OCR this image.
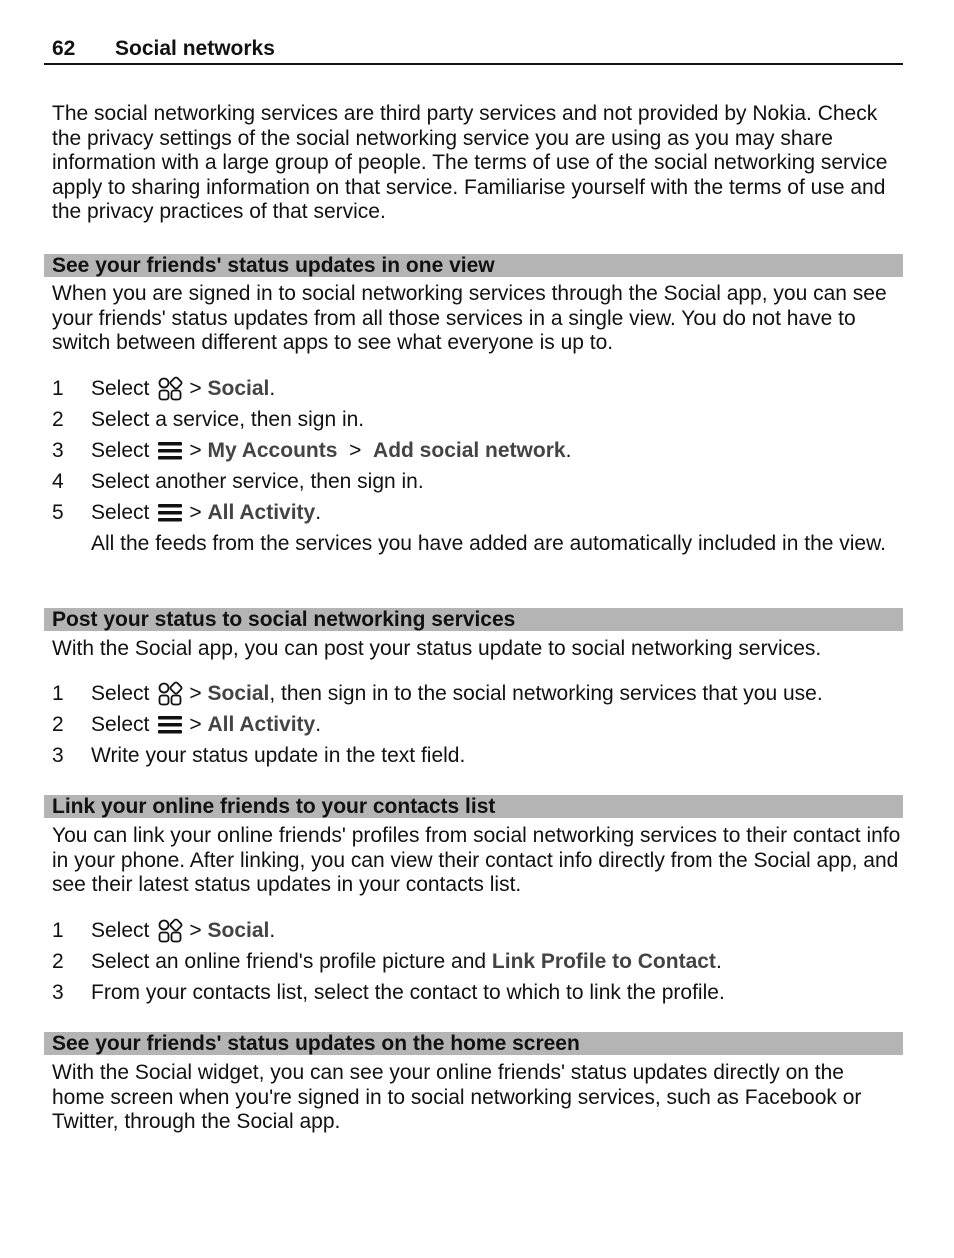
62 Social networks
The social networking services are third party services and not provided by Nokia. Check the privacy settings of the social networking service you are using as you may share information with a large group of people. The terms of use of the social networking service apply to sharing information on that service. Familiarise yourself with the terms of use and the privacy practices of that service.
See your friends' status updates in one view
When you are signed in to social networking services through the Social app, you can see your friends' status updates from all those services in a single view. You do not have to switch between different apps to see what everyone is up to.
1	Select >
Social .
2	Select a service, then sign in.
3	Select >
My Accounts >
Add social network .
4	Select another service, then sign in.
5	Select >
All Activity .
All the feeds from the services you have added are automatically included in the view.
Post your status to social networking services
With the Social app, you can post your status update to social networking services.
1	Select >
Social , then sign in to the social networking services that you use.
2	Select >
All Activity .
3	Write your status update in the text field.
Link your online friends to your contacts list
You can link your online friends' profiles from social networking services to their contact info in your phone. After linking, you can view their contact info directly from the Social app, and see their latest status updates in your contacts list.
1	Select >
Social .
2	Select an online friend's profile picture and Link Profile to Contact .
3	From your contacts list, select the contact to which to link the profile.
See your friends' status updates on the home screen
With the Social widget, you can see your online friends' status updates directly on the home screen when you're signed in to social networking services, such as Facebook or Twitter, through the Social app.
